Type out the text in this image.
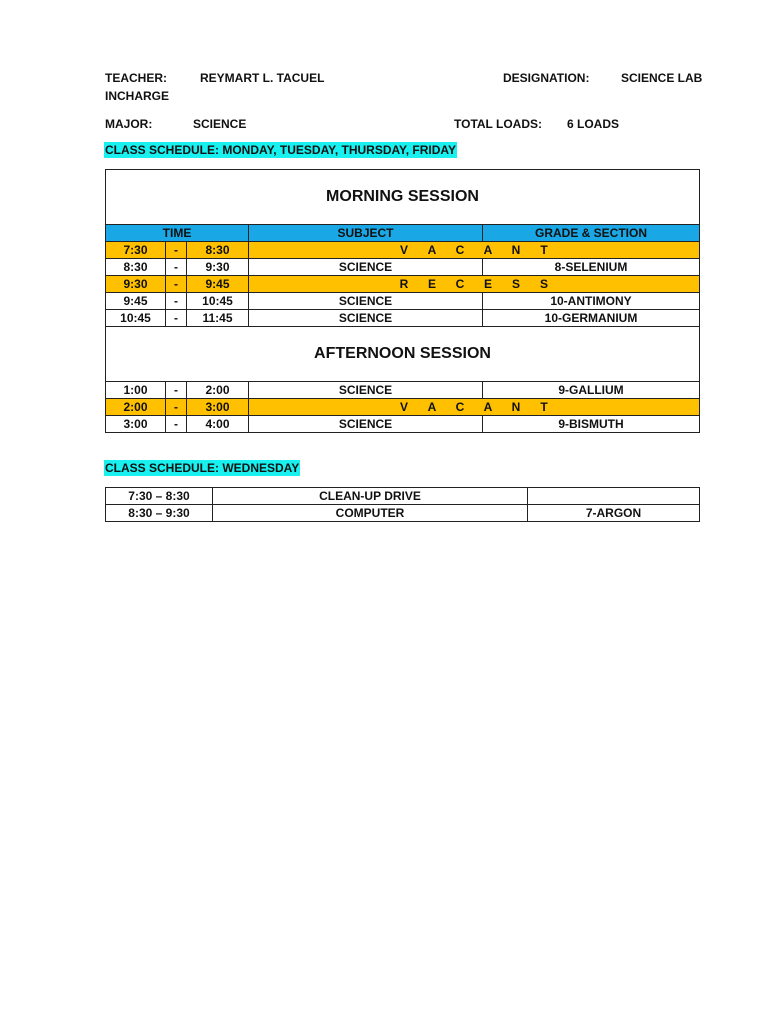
TEACHER:	REYMART L. TACUEL	DESIGNATION:	SCIENCE LAB
INCHARGE
MAJOR:	SCIENCE	TOTAL LOADS: 6 LOADS
CLASS SCHEDULE: MONDAY, TUESDAY, THURSDAY, FRIDAY
MORNING SESSION				
TIME			SUBJECT	GRADE & SECTION
7:30	-	8:30	V A C A N T	
8:30	-	9:30	SCIENCE	8-SELENIUM
9:30	-	9:45	R E C E S S	
9:45	-	10:45	SCIENCE	10-ANTIMONY
10:45	-	11:45	SCIENCE	10-GERMANIUM
AFTERNOON SESSION				
1:00	-	2:00	SCIENCE	9-GALLIUM
2:00	-	3:00	V A C A N T	
3:00	-	4:00	SCIENCE	9-BISMUTH
CLASS SCHEDULE: WEDNESDAY
7:30 – 8:30	CLEAN-UP DRIVE	
8:30 – 9:30	COMPUTER	7-ARGON
